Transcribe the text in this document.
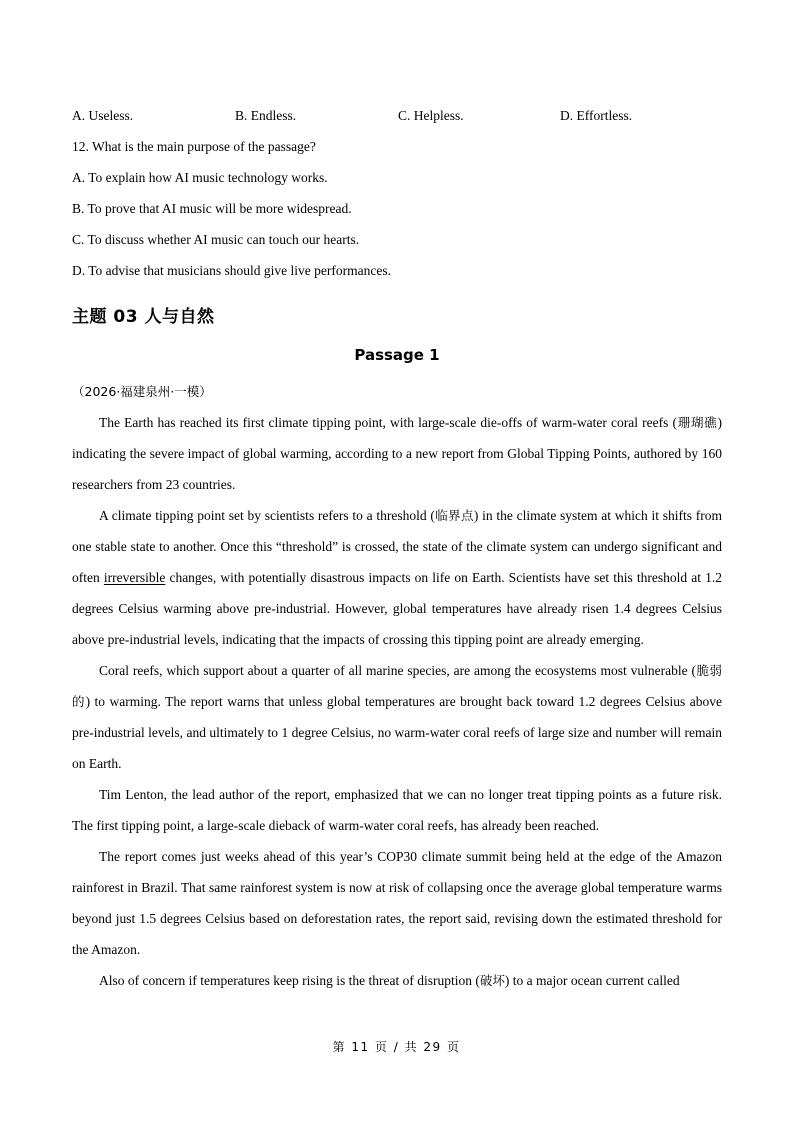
A. Useless.	B. Endless.	C. Helpless.	D. Effortless.
12. What is the main purpose of the passage?
A. To explain how AI music technology works.
B. To prove that AI music will be more widespread.
C. To discuss whether AI music can touch our hearts.
D. To advise that musicians should give live performances.
主题 03 人与自然
Passage 1
（2026·福建泉州·一模）

The Earth has reached its first climate tipping point, with large-scale die-offs of warm-water coral reefs (珊瑚礁) indicating the severe impact of global warming, according to a new report from Global Tipping Points, authored by 160 researchers from 23 countries.

A climate tipping point set by scientists refers to a threshold (临界点) in the climate system at which it shifts from one stable state to another. Once this “threshold” is crossed, the state of the climate system can undergo significant and often irreversible changes, with potentially disastrous impacts on life on Earth. Scientists have set this threshold at 1.2 degrees Celsius warming above pre-industrial. However, global temperatures have already risen 1.4 degrees Celsius above pre-industrial levels, indicating that the impacts of crossing this tipping point are already emerging.

Coral reefs, which support about a quarter of all marine species, are among the ecosystems most vulnerable (脆弱的) to warming. The report warns that unless global temperatures are brought back toward 1.2 degrees Celsius above pre-industrial levels, and ultimately to 1 degree Celsius, no warm-water coral reefs of large size and number will remain on Earth.

Tim Lenton, the lead author of the report, emphasized that we can no longer treat tipping points as a future risk. The first tipping point, a large-scale dieback of warm-water coral reefs, has already been reached.

The report comes just weeks ahead of this year’s COP30 climate summit being held at the edge of the Amazon rainforest in Brazil. That same rainforest system is now at risk of collapsing once the average global temperature warms beyond just 1.5 degrees Celsius based on deforestation rates, the report said, revising down the estimated threshold for the Amazon.

Also of concern if temperatures keep rising is the threat of disruption (破坏) to a major ocean current called

第 11 页 / 共 29 页
